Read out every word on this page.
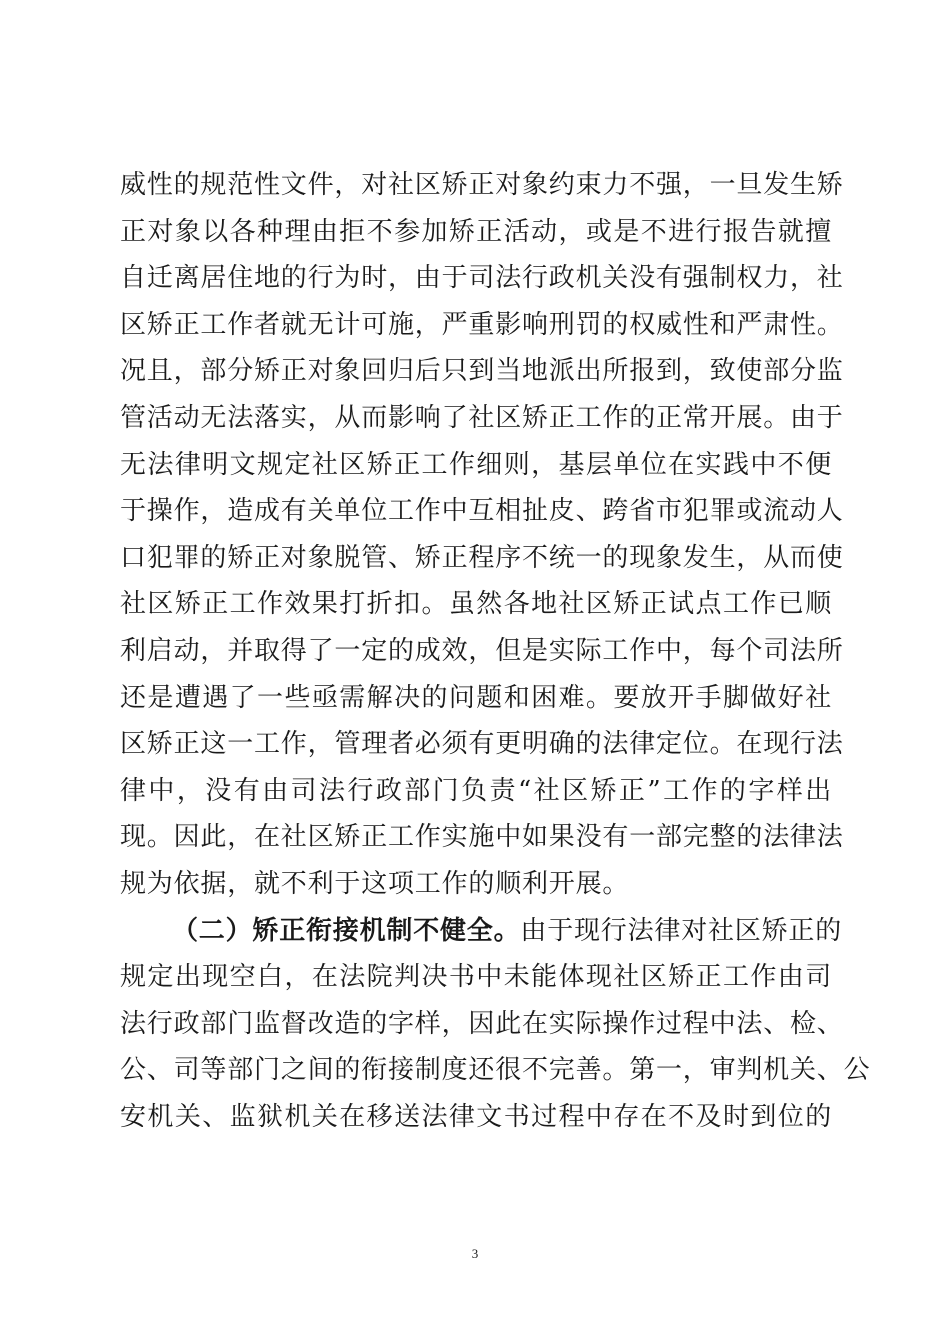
威性的规范性文件，对社区矫正对象约束力不强，一旦发生矫
正对象以各种理由拒不参加矫正活动，或是不进行报告就擅
自迁离居住地的行为时，由于司法行政机关没有强制权力，社
区矫正工作者就无计可施，严重影响刑罚的权威性和严肃性。
况且，部分矫正对象回归后只到当地派出所报到，致使部分监
管活动无法落实，从而影响了社区矫正工作的正常开展。由于
无法律明文规定社区矫正工作细则，基层单位在实践中不便
于操作，造成有关单位工作中互相扯皮、跨省市犯罪或流动人
口犯罪的矫正对象脱管、矫正程序不统一的现象发生，从而使
社区矫正工作效果打折扣。虽然各地社区矫正试点工作已顺
利启动，并取得了一定的成效，但是实际工作中，每个司法所
还是遭遇了一些亟需解决的问题和困难。要放开手脚做好社
区矫正这一工作，管理者必须有更明确的法律定位。在现行法
律中，没有由司法行政部门负责“社区矫正”工作的字样出
现。因此，在社区矫正工作实施中如果没有一部完整的法律法
规为依据，就不利于这项工作的顺利开展。
（二）矫正衔接机制不健全。由于现行法律对社区矫正的
规定出现空白，在法院判决书中未能体现社区矫正工作由司
法行政部门监督改造的字样，因此在实际操作过程中法、检、
公、司等部门之间的衔接制度还很不完善。第一，审判机关、公
安机关、监狱机关在移送法律文书过程中存在不及时到位的
3
